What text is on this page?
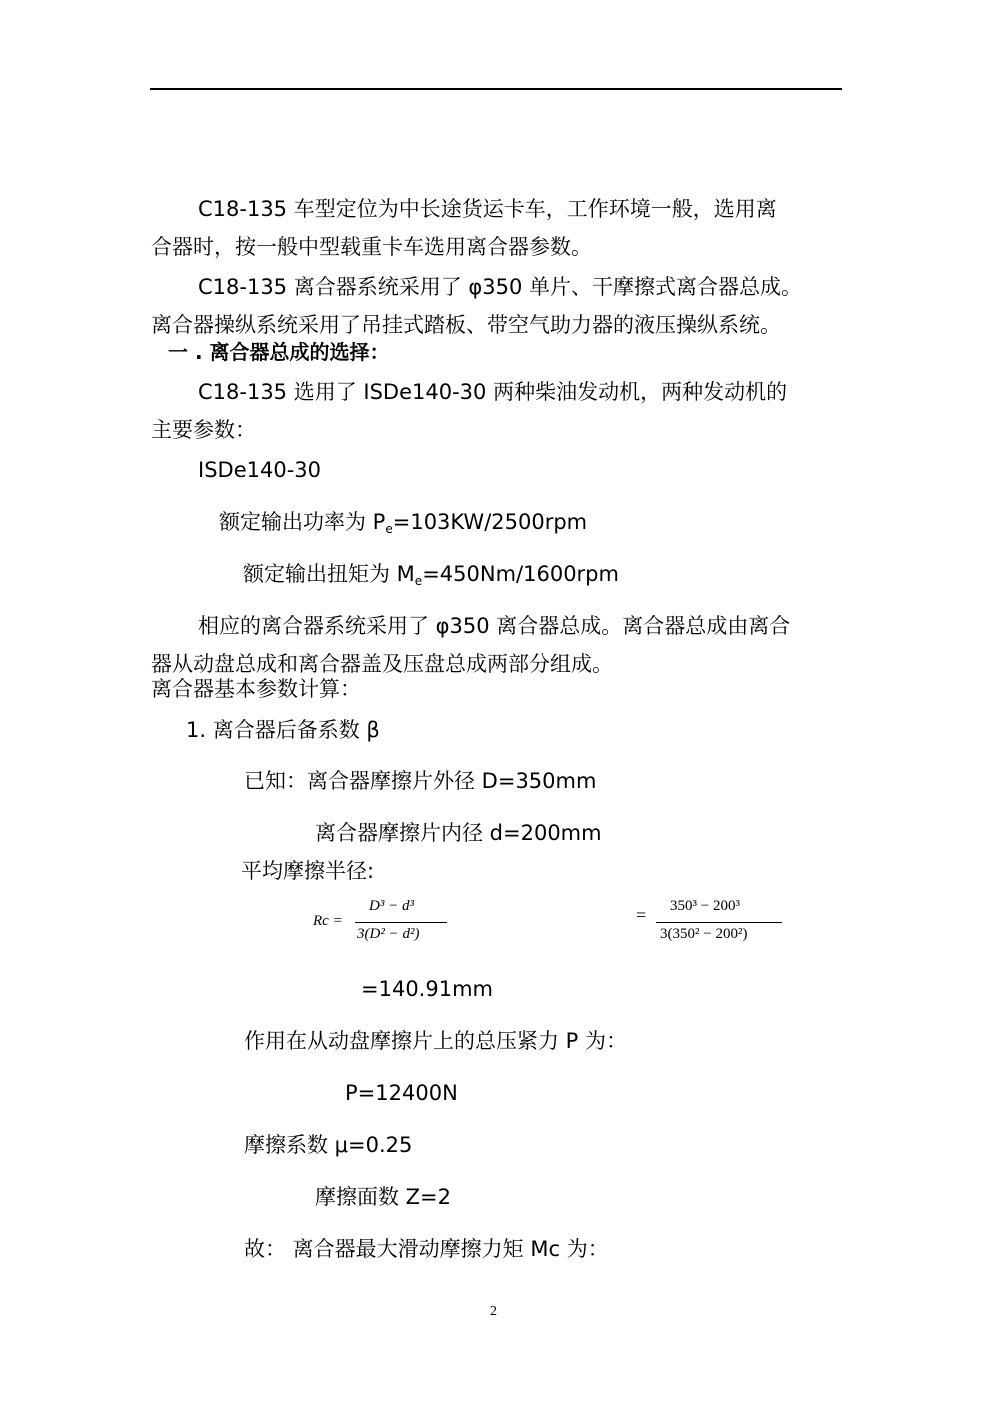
C18-135 车型定位为中长途货运卡车，工作环境一般，选用离
合器时，按一般中型载重卡车选用离合器参数。
C18-135 离合器系统采用了 φ350 单片、干摩擦式离合器总成。
离合器操纵系统采用了吊挂式踏板、带空气助力器的液压操纵系统。
一 . 离合器总成的选择：
C18-135 选用了 ISDe140-30 两种柴油发动机，两种发动机的
主要参数：
ISDe140-30
额定输出功率为 $P_e=103KW/2500rpm$
额定输出扭矩为 $M_e=450Nm/1600rpm$
相应的离合器系统采用了 φ350 离合器总成。离合器总成由离合
器从动盘总成和离合器盖及压盘总成两部分组成。
离合器基本参数计算：
1. 离合器后备系数 β
已知：离合器摩擦片外径 D=350mm
离合器摩擦片内径 d=200mm
平均摩擦半径:
Rc =
D³ − d³
3(D² − d²)
= 350³ − 200³
3(350² − 200²)
=140.91mm
作用在从动盘摩擦片上的总压紧力 P 为：
P=12400N
摩擦系数 μ=0.25
摩擦面数 Z=2
故： 离合器最大滑动摩擦力矩 Mc 为：
2
